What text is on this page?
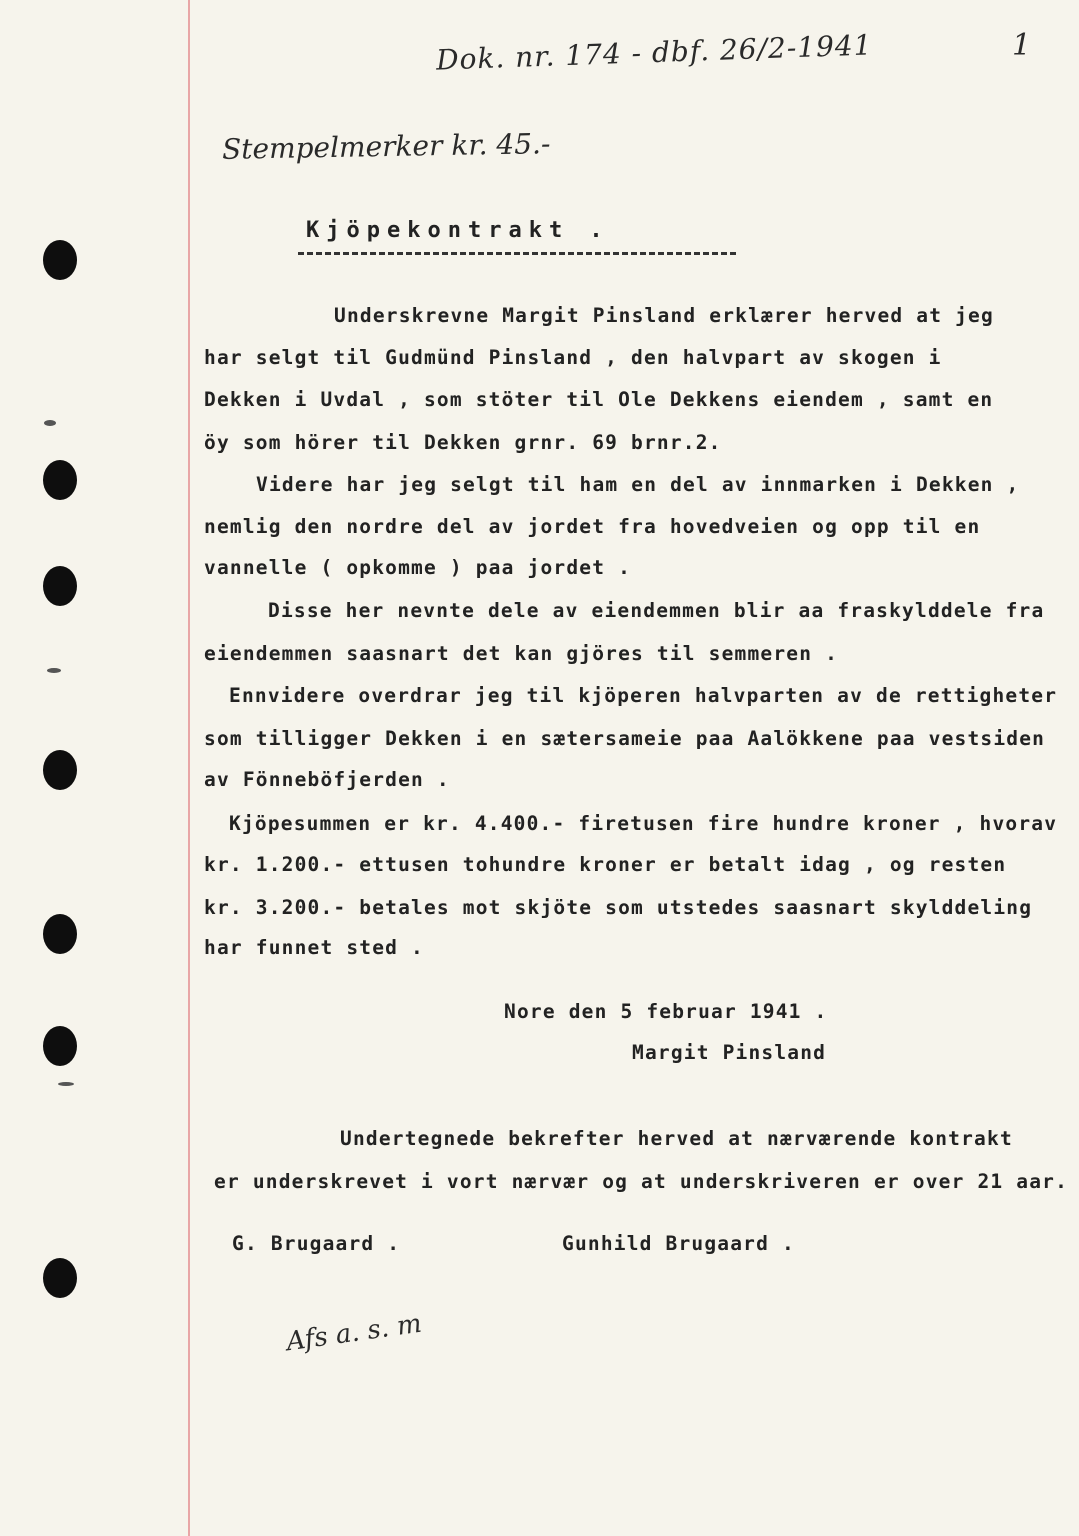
Dok. nr. 174 - dbf. 26/2-1941	1
Stempelmerker kr. 45.-
Afs a. s. m
Kjöpekontrakt .
Underskrevne Margit Pinsland erklærer herved at jeg
har selgt til Gudmünd Pinsland , den halvpart av skogen i
Dekken i Uvdal , som stöter til Ole Dekkens eiendem , samt en
öy som hörer til Dekken grnr. 69 brnr.2.
Videre har jeg selgt til ham en del av innmarken i Dekken ,
nemlig den nordre del av jordet fra hovedveien og opp til en
vannelle ( opkomme ) paa jordet .
Disse her nevnte dele av eiendemmen blir aa fraskylddele fra
eiendemmen saasnart det kan gjöres til semmeren .
Ennvidere overdrar jeg til kjöperen halvparten av de rettigheter
som tilligger Dekken i en sætersameie paa Aalökkene paa vestsiden
av Fönneböfjerden .
Kjöpesummen er kr. 4.400.- firetusen fire hundre kroner , hvorav
kr. 1.200.- ettusen tohundre kroner er betalt idag , og resten
kr. 3.200.- betales mot skjöte som utstedes saasnart skylddeling
har funnet sted .
Nore den 5 februar 1941 .
Margit Pinsland
Undertegnede bekrefter herved at nærværende kontrakt
er underskrevet i vort nærvær og at underskriveren er over 21 aar.
G. Brugaard .	Gunhild Brugaard .
